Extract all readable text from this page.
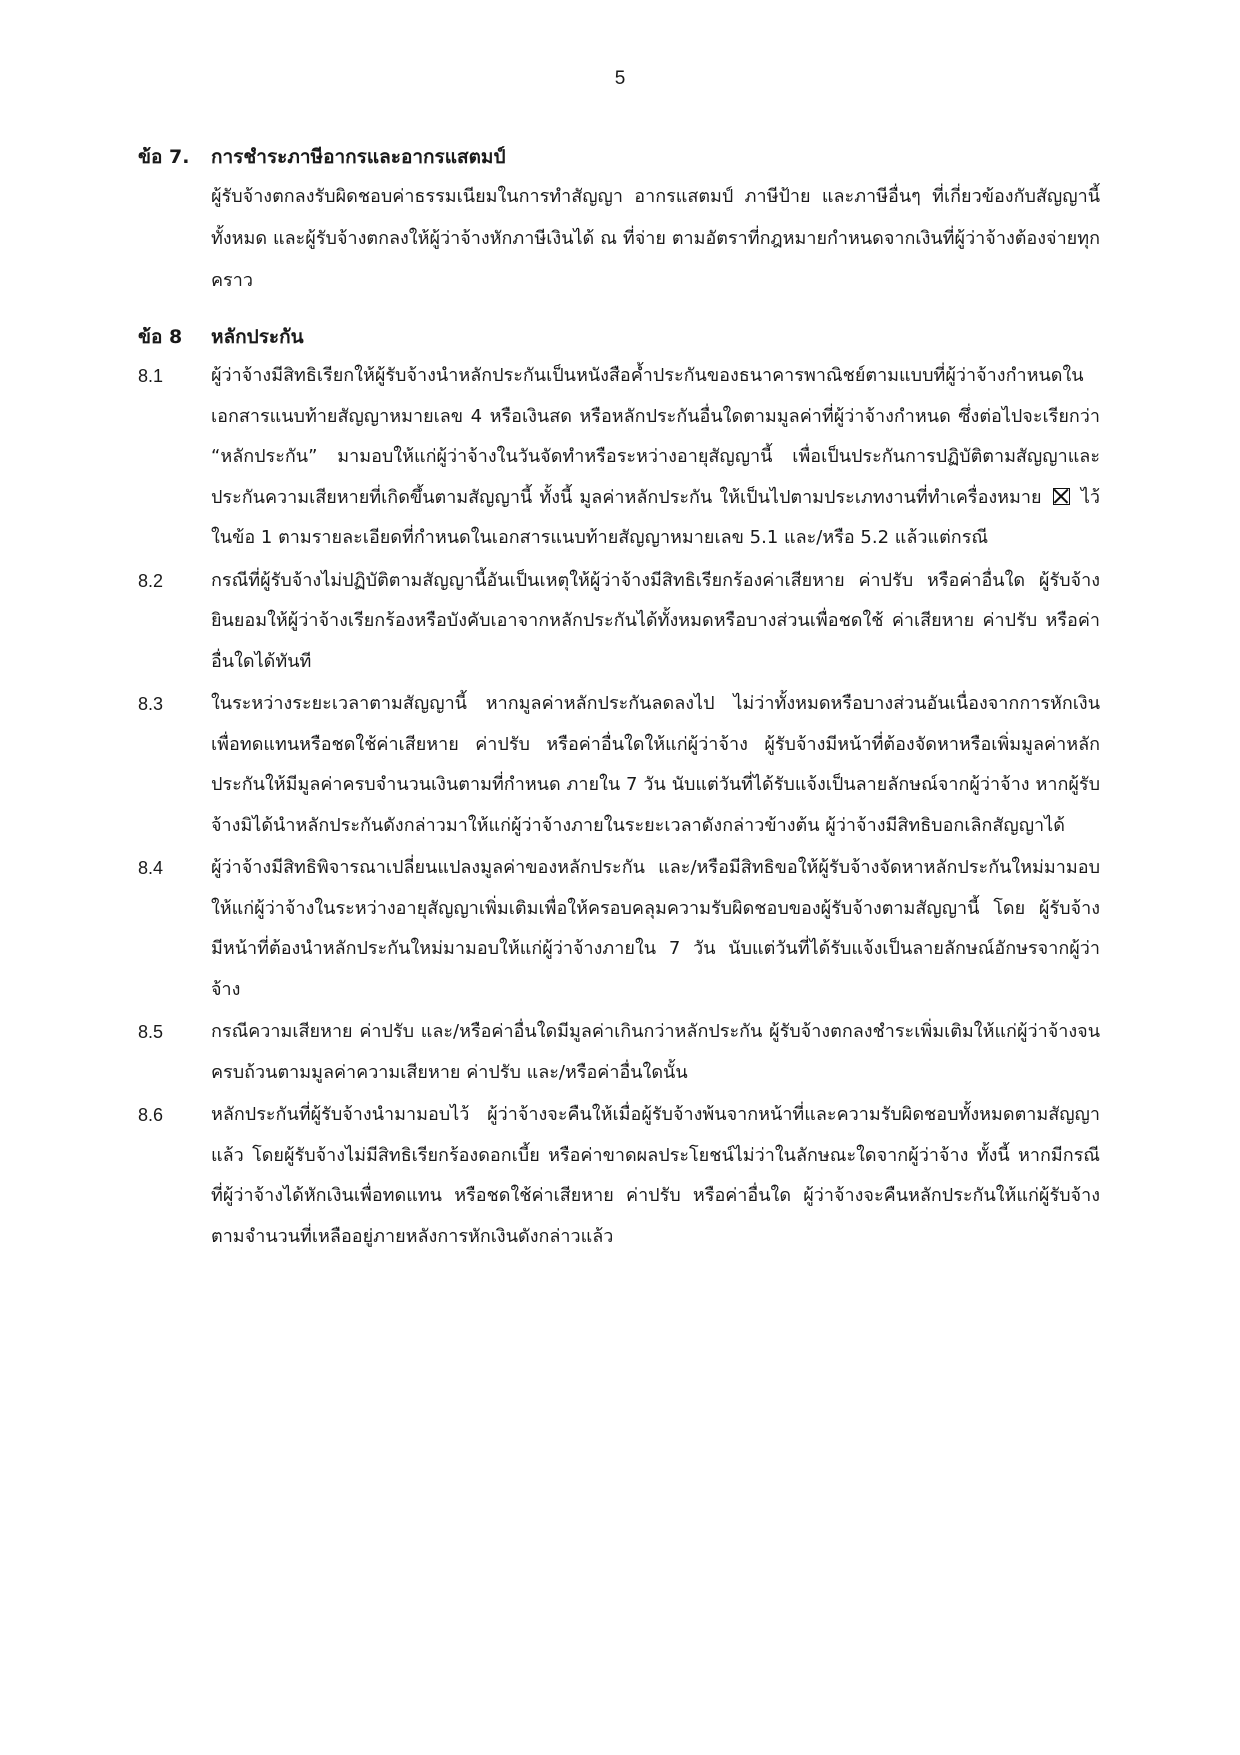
5
ข้อ 7.	การชำระภาษีอากรและอากรแสตมป์
ผู้รับจ้างตกลงรับผิดชอบค่าธรรมเนียมในการทำสัญญา อากรแสตมป์ ภาษีป้าย และภาษีอื่นๆ ที่เกี่ยวข้องกับสัญญานี้ทั้งหมด และผู้รับจ้างตกลงให้ผู้ว่าจ้างหักภาษีเงินได้ ณ ที่จ่าย ตามอัตราที่กฎหมายกำหนดจากเงินที่ผู้ว่าจ้างต้องจ่ายทุกคราว
ข้อ 8	หลักประกัน
8.1	ผู้ว่าจ้างมีสิทธิเรียกให้ผู้รับจ้างนำหลักประกันเป็นหนังสือค้ำประกันของธนาคารพาณิชย์ตามแบบที่ผู้ว่าจ้างกำหนดในเอกสารแนบท้ายสัญญาหมายเลข 4 หรือเงินสด หรือหลักประกันอื่นใดตามมูลค่าที่ผู้ว่าจ้างกำหนด ซึ่งต่อไปจะเรียกว่า “หลักประกัน” มามอบให้แก่ผู้ว่าจ้างในวันจัดทำหรือระหว่างอายุสัญญานี้ เพื่อเป็นประกันการปฏิบัติตามสัญญาและประกันความเสียหายที่เกิดขึ้นตามสัญญานี้ ทั้งนี้ มูลค่าหลักประกัน ให้เป็นไปตามประเภทงานที่ทำเครื่องหมาย ไว้ในข้อ 1 ตามรายละเอียดที่กำหนดในเอกสารแนบท้ายสัญญาหมายเลข 5.1 และ/หรือ 5.2 แล้วแต่กรณี
8.2	กรณีที่ผู้รับจ้างไม่ปฏิบัติตามสัญญานี้อันเป็นเหตุให้ผู้ว่าจ้างมีสิทธิเรียกร้องค่าเสียหาย ค่าปรับ หรือค่าอื่นใด ผู้รับจ้างยินยอมให้ผู้ว่าจ้างเรียกร้องหรือบังคับเอาจากหลักประกันได้ทั้งหมดหรือบางส่วนเพื่อชดใช้ ค่าเสียหาย ค่าปรับ หรือค่าอื่นใดได้ทันที
8.3	ในระหว่างระยะเวลาตามสัญญานี้ หากมูลค่าหลักประกันลดลงไป ไม่ว่าทั้งหมดหรือบางส่วนอันเนื่องจากการหักเงินเพื่อทดแทนหรือชดใช้ค่าเสียหาย ค่าปรับ หรือค่าอื่นใดให้แก่ผู้ว่าจ้าง ผู้รับจ้างมีหน้าที่ต้องจัดหาหรือเพิ่มมูลค่าหลักประกันให้มีมูลค่าครบจำนวนเงินตามที่กำหนด ภายใน 7 วัน นับแต่วันที่ได้รับแจ้งเป็นลายลักษณ์จากผู้ว่าจ้าง หากผู้รับจ้างมิได้นำหลักประกันดังกล่าวมาให้แก่ผู้ว่าจ้างภายในระยะเวลาดังกล่าวข้างต้น ผู้ว่าจ้างมีสิทธิบอกเลิกสัญญาได้
8.4	ผู้ว่าจ้างมีสิทธิพิจารณาเปลี่ยนแปลงมูลค่าของหลักประกัน และ/หรือมีสิทธิขอให้ผู้รับจ้างจัดหาหลักประกันใหม่มามอบให้แก่ผู้ว่าจ้างในระหว่างอายุสัญญาเพิ่มเติมเพื่อให้ครอบคลุมความรับผิดชอบของผู้รับจ้างตามสัญญานี้ โดย ผู้รับจ้างมีหน้าที่ต้องนำหลักประกันใหม่มามอบให้แก่ผู้ว่าจ้างภายใน 7 วัน นับแต่วันที่ได้รับแจ้งเป็นลายลักษณ์อักษรจากผู้ว่าจ้าง
8.5	กรณีความเสียหาย ค่าปรับ และ/หรือค่าอื่นใดมีมูลค่าเกินกว่าหลักประกัน ผู้รับจ้างตกลงชำระเพิ่มเติมให้แก่ผู้ว่าจ้างจนครบถ้วนตามมูลค่าความเสียหาย ค่าปรับ และ/หรือค่าอื่นใดนั้น
8.6	หลักประกันที่ผู้รับจ้างนำมามอบไว้ ผู้ว่าจ้างจะคืนให้เมื่อผู้รับจ้างพ้นจากหน้าที่และความรับผิดชอบทั้งหมดตามสัญญาแล้ว โดยผู้รับจ้างไม่มีสิทธิเรียกร้องดอกเบี้ย หรือค่าขาดผลประโยชน์ไม่ว่าในลักษณะใดจากผู้ว่าจ้าง ทั้งนี้ หากมีกรณีที่ผู้ว่าจ้างได้หักเงินเพื่อทดแทน หรือชดใช้ค่าเสียหาย ค่าปรับ หรือค่าอื่นใด ผู้ว่าจ้างจะคืนหลักประกันให้แก่ผู้รับจ้างตามจำนวนที่เหลืออยู่ภายหลังการหักเงินดังกล่าวแล้ว
